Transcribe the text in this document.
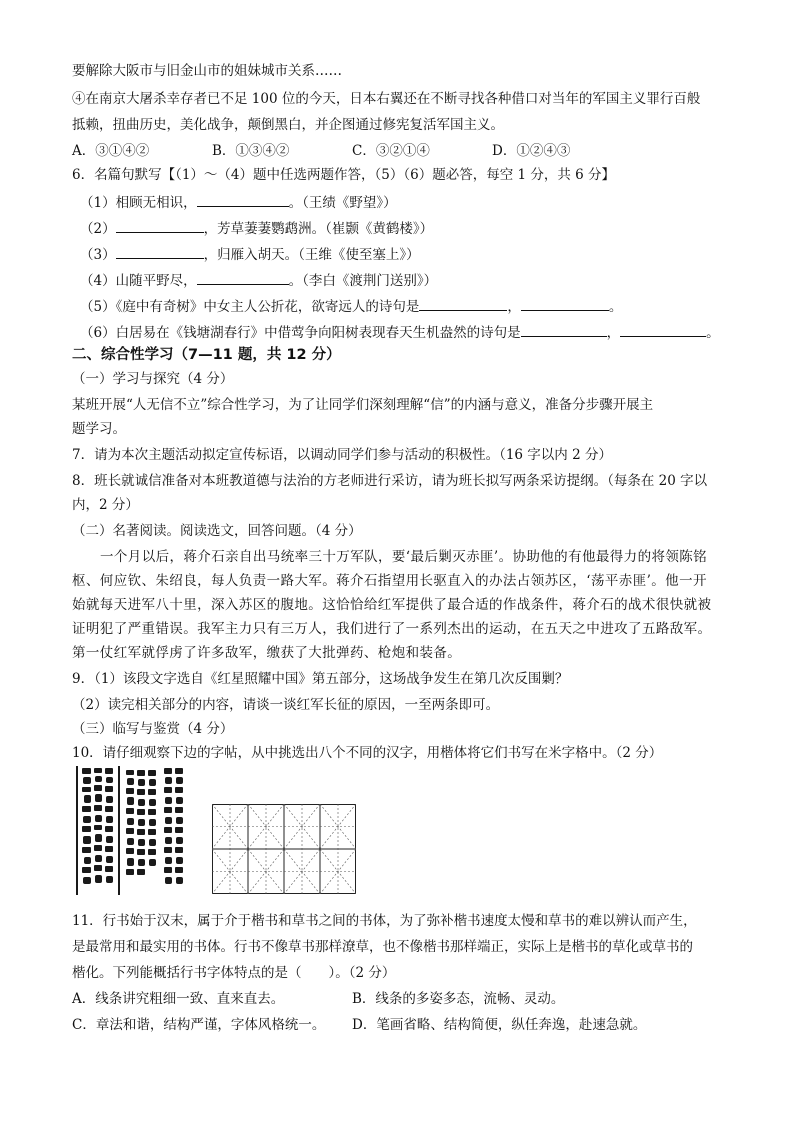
要解除大阪市与旧金山市的姐妹城市关系……
④在南京大屠杀幸存者已不足 100 位的今天，日本右翼还在不断寻找各种借口对当年的军国主义罪行百般
抵赖，扭曲历史，美化战争，颠倒黑白，并企图通过修宪复活军国主义。
A．③①④②	B．①③④②	C．③②①④	D．①②④③
6．名篇句默写【（1）～（4）题中任选两题作答，（5）（6）题必答，每空 1 分，共 6 分】
（1）相顾无相识，	。（王绩《野望》）
（2）	，芳草萋萋鹦鹉洲。（崔颢《黄鹤楼》）
（3）	，归雁入胡天。（王维《使至塞上》）
（4）山随平野尽，	。（李白《渡荆门送别》）
（5）《庭中有奇树》中女主人公折花，欲寄远人的诗句是	，	。
（6）白居易在《钱塘湖春行》中借莺争向阳树表现春天生机盎然的诗句是	，	。
二、综合性学习（7—11 题，共 12 分）
（一）学习与探究（4 分）
某班开展“人无信不立”综合性学习，为了让同学们深刻理解“信”的内涵与意义，准备分步骤开展主
题学习。
7．请为本次主题活动拟定宣传标语，以调动同学们参与活动的积极性。（16 字以内 2 分）
8．班长就诚信准备对本班教道德与法治的方老师进行采访，请为班长拟写两条采访提纲。（每条在 20 字以
内，2 分）
（二）名著阅读。阅读选文，回答问题。（4 分）
一个月以后，蒋介石亲自出马统率三十万军队，要‘最后剿灭赤匪’。协助他的有他最得力的将领陈铭
枢、何应钦、朱绍良，每人负责一路大军。蒋介石指望用长驱直入的办法占领苏区，‘荡平赤匪’。他一开
始就每天进军八十里，深入苏区的腹地。这恰恰给红军提供了最合适的作战条件，蒋介石的战术很快就被
证明犯了严重错误。我军主力只有三万人，我们进行了一系列杰出的运动，在五天之中进攻了五路敌军。
第一仗红军就俘虏了许多敌军，缴获了大批弹药、枪炮和装备。
9．（1）该段文字选自《红星照耀中国》第五部分，这场战争发生在第几次反围剿？
（2）读完相关部分的内容，请谈一谈红军长征的原因，一至两条即可。
（三）临写与鉴赏（4 分）
10．请仔细观察下边的字帖，从中挑选出八个不同的汉字，用楷体将它们书写在米字格中。（2 分）
11．行书始于汉末，属于介于楷书和草书之间的书体，为了弥补楷书速度太慢和草书的难以辨认而产生，
是最常用和最实用的书体。行书不像草书那样潦草，也不像楷书那样端正，实际上是楷书的草化或草书的
楷化。下列能概括行书字体特点的是（　　）。（2 分）
A．线条讲究粗细一致、直来直去。	B．线条的多姿多态，流畅、灵动。
C．章法和谐，结构严谨，字体风格统一。 D．笔画省略、结构简便，纵任奔逸，赴速急就。
